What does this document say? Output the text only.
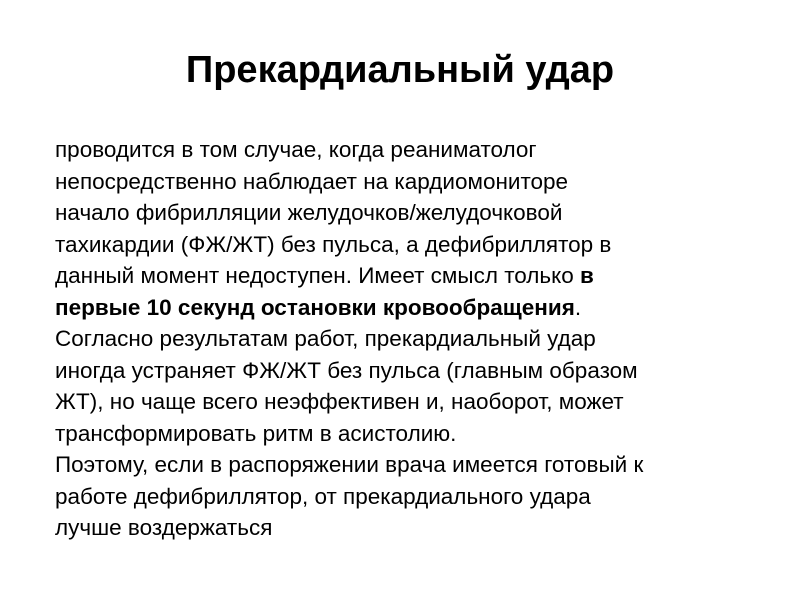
Прекардиальный удар
проводится в том случае, когда реаниматолог
непосредственно наблюдает на кардиомониторе
начало фибрилляции желудочков/желудочковой
тахикардии (ФЖ/ЖТ) без пульса, а дефибриллятор в
данный момент недоступен. Имеет смысл только в
первые 10 секунд остановки кровообращения.
Согласно результатам работ, прекардиальный удар
иногда устраняет ФЖ/ЖТ без пульса (главным образом
ЖТ), но чаще всего неэффективен и, наоборот, может
трансформировать ритм в асистолию.
Поэтому, если в распоряжении врача имеется готовый к
работе дефибриллятор, от прекардиального удара
лучше воздержаться
